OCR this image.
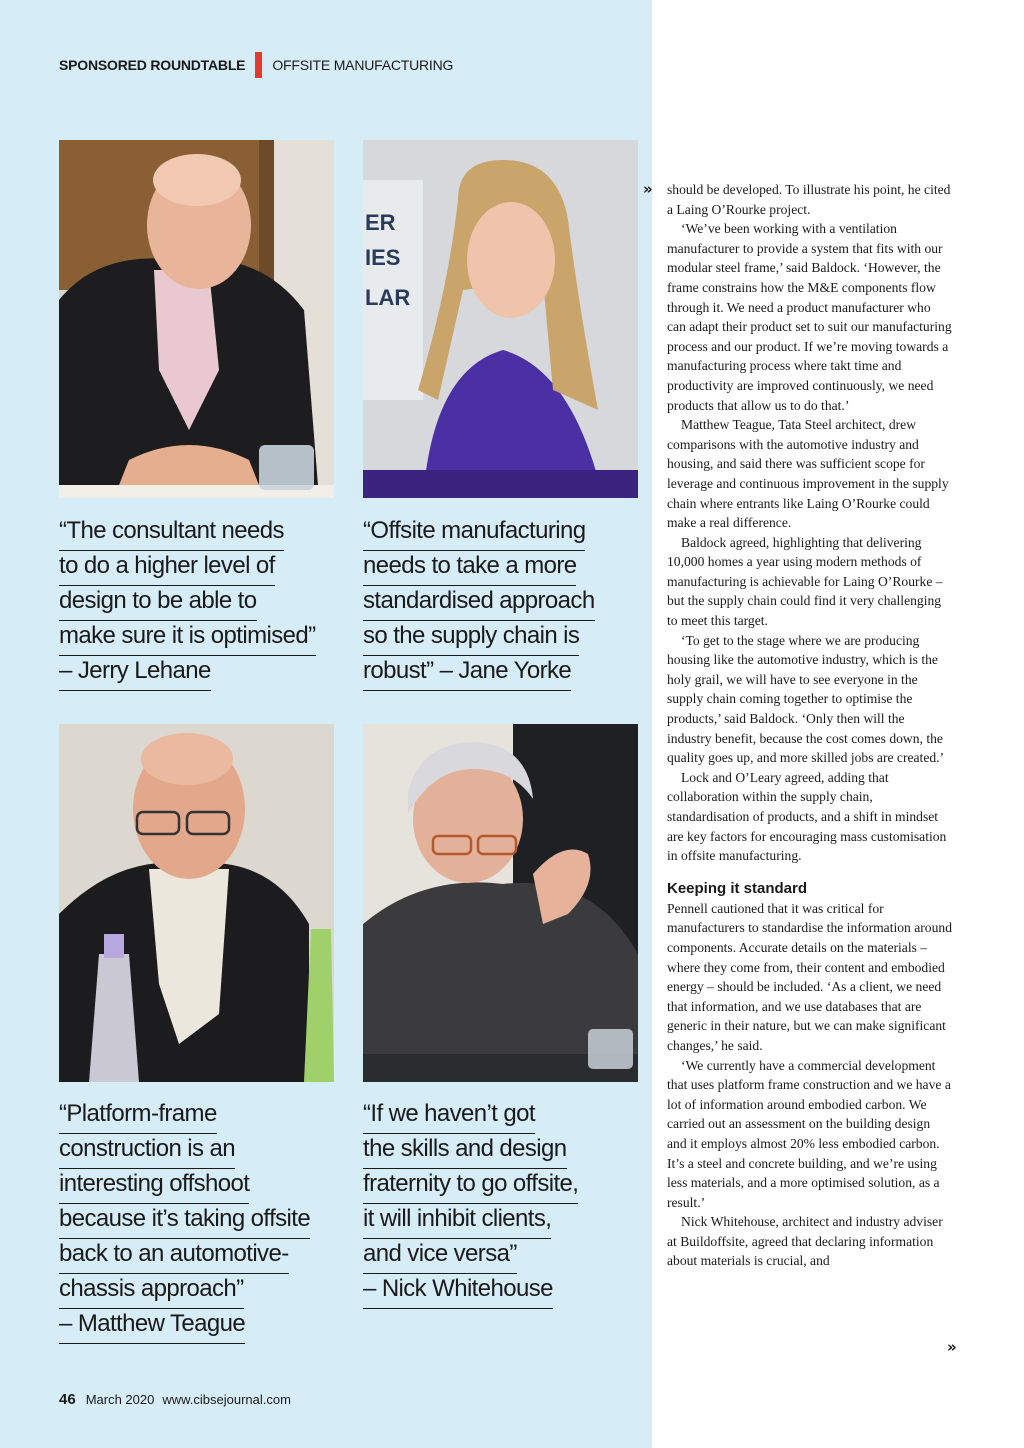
SPONSORED ROUNDTABLE OFFSITE MANUFACTURING
ER
IES
LAR
“The consultant needs
to do a higher level of
design to be able to
make sure it is optimised”
– Jerry Lehane
“Offsite manufacturing
needs to take a more
standardised approach
so the supply chain is
robust” – Jane Yorke
“Platform-frame
construction is an
interesting offshoot
because it’s taking offsite
back to an automotive-
chassis approach”
– Matthew Teague
“If we haven’t got
the skills and design
fraternity to go offsite,
it will inhibit clients,
and vice versa”
– Nick Whitehouse
» should be developed. To illustrate his point, he cited a Laing O’Rourke project.

‘We’ve been working with a ventilation manufacturer to provide a system that fits with our modular steel frame,’ said Baldock. ‘However, the frame constrains how the M&E components flow through it. We need a product manufacturer who can adapt their product set to suit our manufacturing process and our product. If we’re moving towards a manufacturing process where takt time and productivity are improved continuously, we need products that allow us to do that.’

Matthew Teague, Tata Steel architect, drew comparisons with the automotive industry and housing, and said there was sufficient scope for leverage and continuous improvement in the supply chain where entrants like Laing O’Rourke could make a real difference.

Baldock agreed, highlighting that delivering 10,000 homes a year using modern methods of manufacturing is achievable for Laing O’Rourke – but the supply chain could find it very challenging to meet this target.

‘To get to the stage where we are producing housing like the automotive industry, which is the holy grail, we will have to see everyone in the supply chain coming together to optimise the products,’ said Baldock. ‘Only then will the industry benefit, because the cost comes down, the quality goes up, and more skilled jobs are created.’

Lock and O’Leary agreed, adding that collaboration within the supply chain, standardisation of products, and a shift in mindset are key factors for encouraging mass customisation in offsite manufacturing.

Keeping it standard

Pennell cautioned that it was critical for manufacturers to standardise the information around components. Accurate details on the materials – where they come from, their content and embodied energy – should be included. ‘As a client, we need that information, and we use databases that are generic in their nature, but we can make significant changes,’ he said.

‘We currently have a commercial development that uses platform frame construction and we have a lot of information around embodied carbon. We carried out an assessment on the building design and it employs almost 20% less embodied carbon. It’s a steel and concrete building, and we’re using less materials, and a more optimised solution, as a result.’

Nick Whitehouse, architect and industry adviser at Buildoffsite, agreed that declaring information about materials is crucial, and

»
46 March 2020 www.cibsejournal.com
